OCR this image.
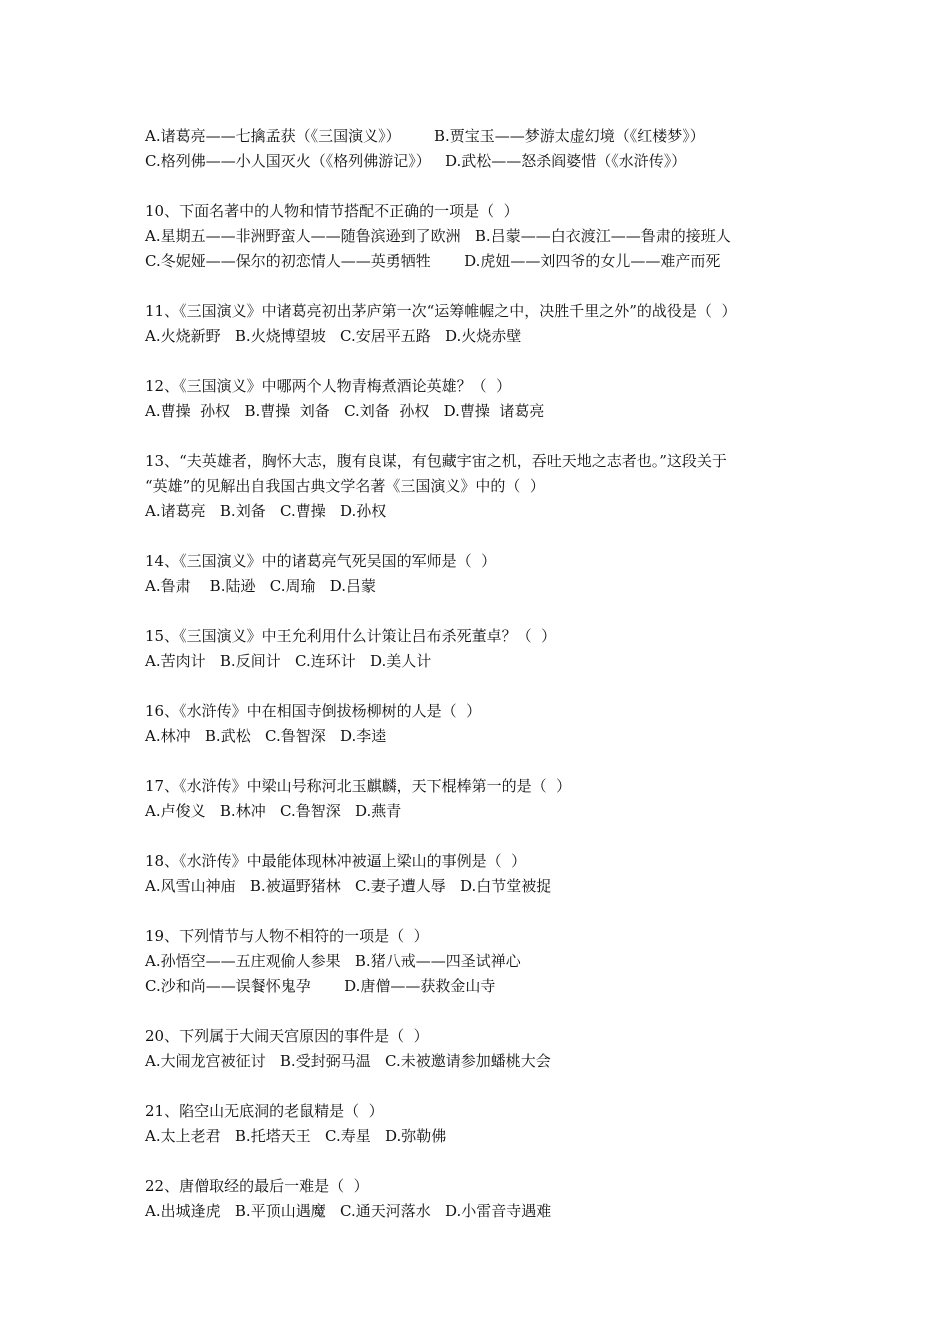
A.诸葛亮——七擒孟获（《三国演义》）       B.贾宝玉——梦游太虚幻境（《红楼梦》）
C.格列佛——小人国灭火（《格列佛游记》）   D.武松——怒杀阎婆惜（《水浒传》）
10、下面名著中的人物和情节搭配不正确的一项是（  ）
A.星期五——非洲野蛮人——随鲁滨逊到了欧洲   B.吕蒙——白衣渡江——鲁肃的接班人
C.冬妮娅——保尔的初恋情人——英勇牺牲       D.虎妞——刘四爷的女儿——难产而死
11、《三国演义》中诸葛亮初出茅庐第一次“运筹帷幄之中，决胜千里之外”的战役是（  ）
A.火烧新野   B.火烧博望坡   C.安居平五路   D.火烧赤壁
12、《三国演义》中哪两个人物青梅煮酒论英雄？（  ）
A.曹操  孙权   B.曹操  刘备   C.刘备  孙权   D.曹操  诸葛亮
13、“夫英雄者，胸怀大志，腹有良谋，有包藏宇宙之机，吞吐天地之志者也。”这段关于
“英雄”的见解出自我国古典文学名著《三国演义》中的（  ）
A.诸葛亮   B.刘备   C.曹操   D.孙权
14、《三国演义》中的诸葛亮气死吴国的军师是（  ）
A.鲁肃    B.陆逊   C.周瑜   D.吕蒙
15、《三国演义》中王允利用什么计策让吕布杀死董卓？（  ）
A.苦肉计   B.反间计   C.连环计   D.美人计
16、《水浒传》中在相国寺倒拔杨柳树的人是（  ）
A.林冲   B.武松   C.鲁智深   D.李逵
17、《水浒传》中梁山号称河北玉麒麟，天下棍棒第一的是（  ）
A.卢俊义   B.林冲   C.鲁智深   D.燕青
18、《水浒传》中最能体现林冲被逼上梁山的事例是（  ）
A.风雪山神庙   B.被逼野猪林   C.妻子遭人辱   D.白节堂被捉
19、下列情节与人物不相符的一项是（  ）
A.孙悟空——五庄观偷人参果   B.猪八戒——四圣试禅心
C.沙和尚——误餐怀鬼孕       D.唐僧——获救金山寺
20、下列属于大闹天宫原因的事件是（  ）
A.大闹龙宫被征讨   B.受封弼马温   C.未被邀请参加蟠桃大会
21、陷空山无底洞的老鼠精是（  ）
A.太上老君   B.托塔天王   C.寿星   D.弥勒佛
22、唐僧取经的最后一难是（  ）
A.出城逢虎   B.平顶山遇魔   C.通天河落水   D.小雷音寺遇难
